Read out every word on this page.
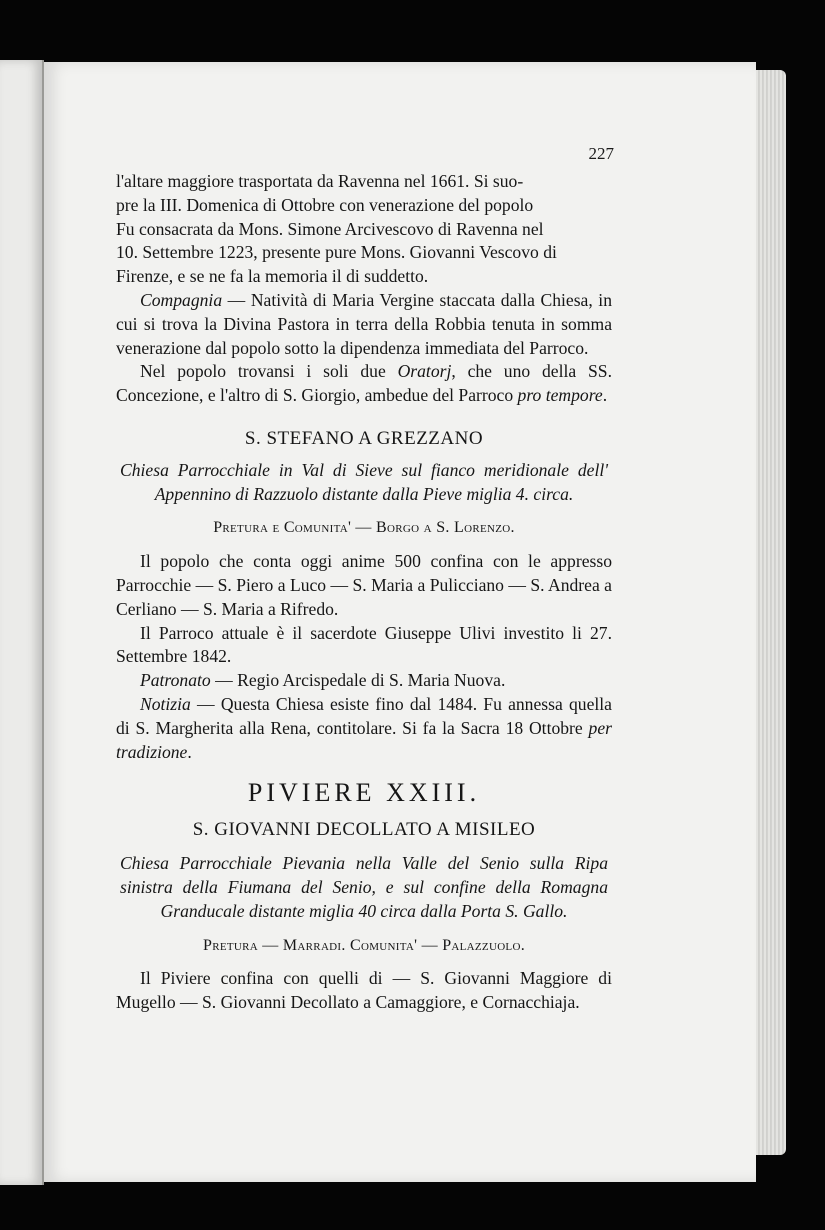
227

l'altare maggiore trasportata da Ravenna nel 1661. Si suo-

pre la III. Domenica di Ottobre con venerazione del popolo

Fu consacrata da Mons. Simone Arcivescovo di Ravenna nel

10. Settembre 1223, presente pure Mons. Giovanni Vescovo di

Firenze, e se ne fa la memoria il di suddetto.

Compagnia — Natività di Maria Vergine staccata dalla Chiesa, in cui si trova la Divina Pastora in terra della Robbia tenuta in somma venerazione dal popolo sotto la dipendenza immediata del Parroco.

Nel popolo trovansi i soli due Oratorj, che uno della SS. Concezione, e l'altro di S. Giorgio, ambedue del Parroco pro tempore.

S. STEFANO A GREZZANO

Chiesa Parrocchiale in Val di Sieve sul fianco meridionale dell' Appennino di Razzuolo distante dalla Pieve miglia 4. circa.

Pretura e Comunita' — Borgo a S. Lorenzo.

Il popolo che conta oggi anime 500 confina con le appresso Parrocchie — S. Piero a Luco — S. Maria a Pulicciano — S. Andrea a Cerliano — S. Maria a Rifredo.

Il Parroco attuale è il sacerdote Giuseppe Ulivi investito li 27. Settembre 1842.

Patronato — Regio Arcispedale di S. Maria Nuova.

Notizia — Questa Chiesa esiste fino dal 1484. Fu annessa quella di S. Margherita alla Rena, contitolare. Si fa la Sacra 18 Ottobre per tradizione.

PIVIERE XXIII.

S. GIOVANNI DECOLLATO A MISILEO

Chiesa Parrocchiale Pievania nella Valle del Senio sulla Ripa sinistra della Fiumana del Senio, e sul confine della Romagna Granducale distante miglia 40 circa dalla Porta S. Gallo.

Pretura — Marradi. Comunita' — Palazzuolo.

Il Piviere confina con quelli di — S. Giovanni Maggiore di Mugello — S. Giovanni Decollato a Camaggiore, e Cornacchiaja.
